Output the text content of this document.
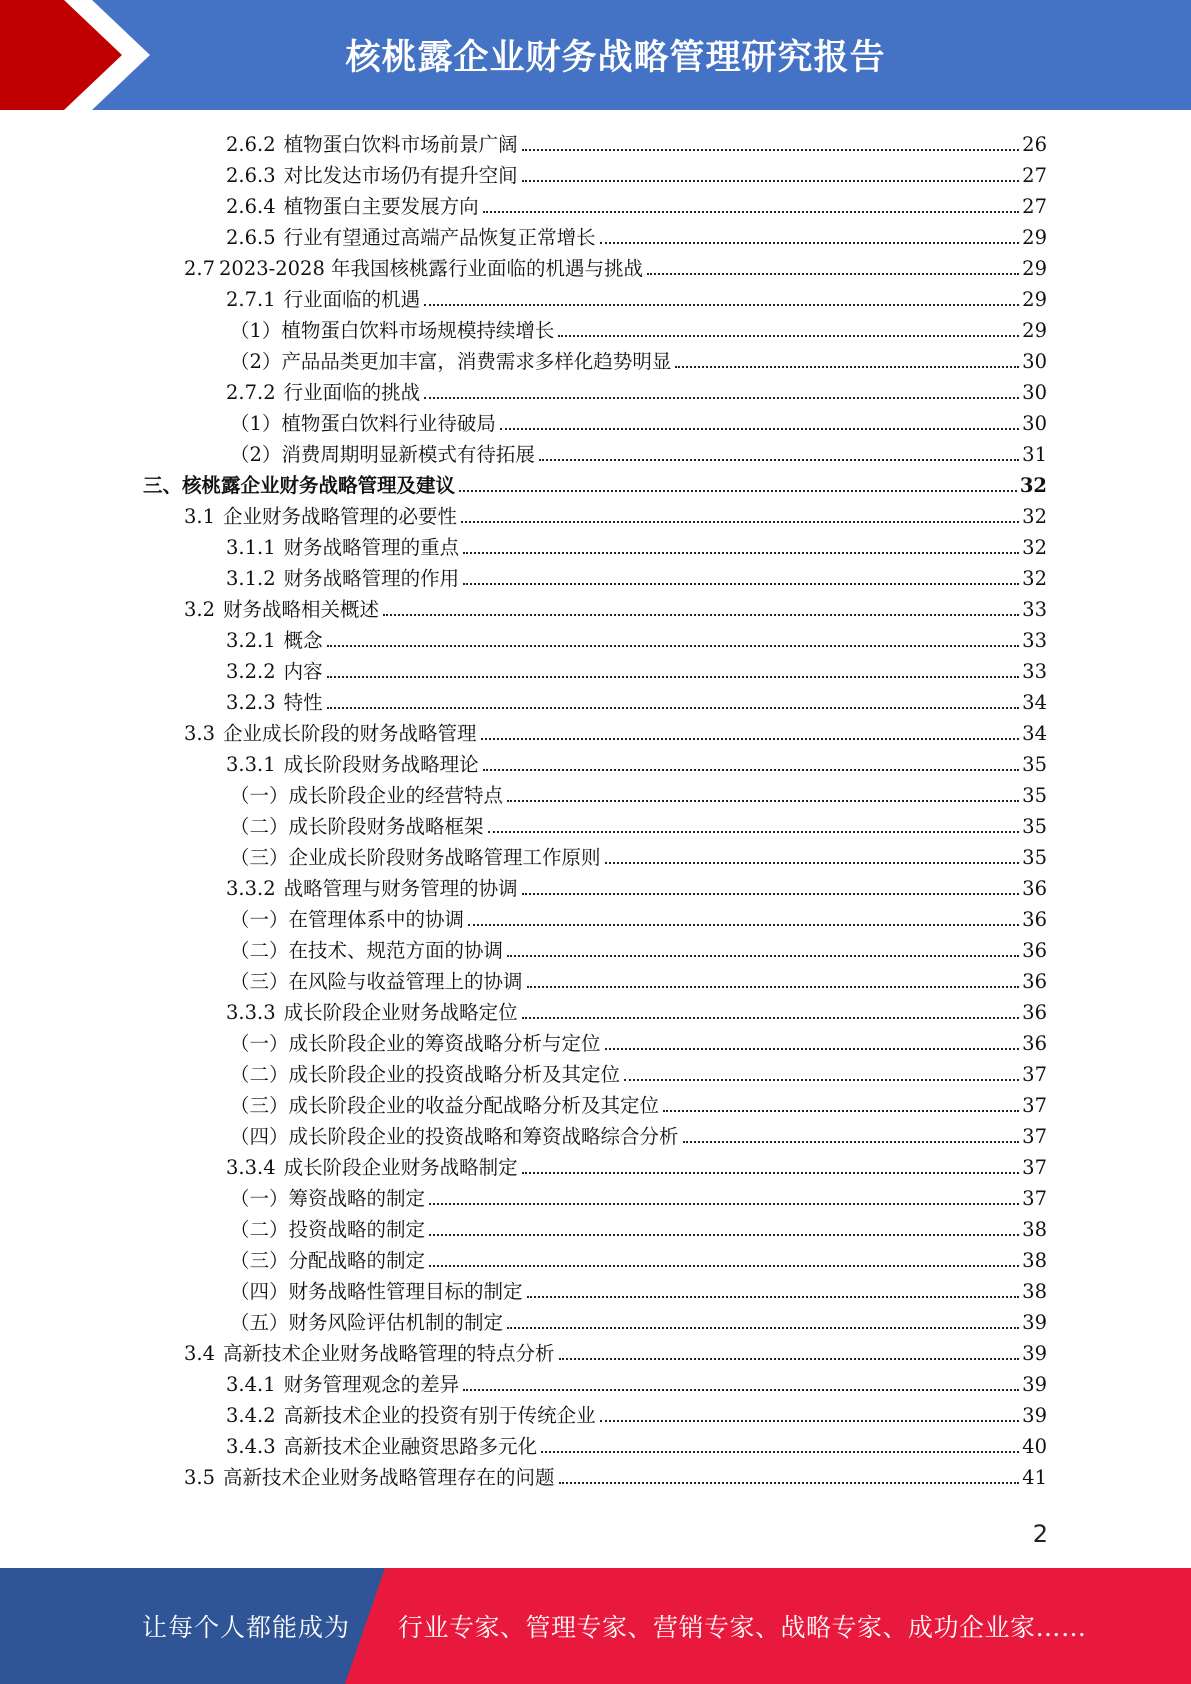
核桃露企业财务战略管理研究报告
2.6.2 植物蛋白饮料市场前景广阔	26
2.6.3 对比发达市场仍有提升空间	27
2.6.4 植物蛋白主要发展方向	27
2.6.5 行业有望通过高端产品恢复正常增长	29
2.7 2023-2028 年我国核桃露行业面临的机遇与挑战	29
2.7.1 行业面临的机遇	29
（1）植物蛋白饮料市场规模持续增长	29
（2）产品品类更加丰富，消费需求多样化趋势明显	30
2.7.2 行业面临的挑战	30
（1）植物蛋白饮料行业待破局	30
（2）消费周期明显新模式有待拓展	31
三、核桃露企业财务战略管理及建议	32
3.1 企业财务战略管理的必要性	32
3.1.1 财务战略管理的重点	32
3.1.2 财务战略管理的作用	32
3.2 财务战略相关概述	33
3.2.1 概念	33
3.2.2 内容	33
3.2.3 特性	34
3.3 企业成长阶段的财务战略管理	34
3.3.1 成长阶段财务战略理论	35
（一）成长阶段企业的经营特点	35
（二）成长阶段财务战略框架	35
（三）企业成长阶段财务战略管理工作原则	35
3.3.2 战略管理与财务管理的协调	36
（一）在管理体系中的协调	36
（二）在技术、规范方面的协调	36
（三）在风险与收益管理上的协调	36
3.3.3 成长阶段企业财务战略定位	36
（一）成长阶段企业的筹资战略分析与定位	36
（二）成长阶段企业的投资战略分析及其定位	37
（三）成长阶段企业的收益分配战略分析及其定位	37
（四）成长阶段企业的投资战略和筹资战略综合分析	37
3.3.4 成长阶段企业财务战略制定	37
（一）筹资战略的制定	37
（二）投资战略的制定	38
（三）分配战略的制定	38
（四）财务战略性管理目标的制定	38
（五）财务风险评估机制的制定	39
3.4 高新技术企业财务战略管理的特点分析	39
3.4.1 财务管理观念的差异	39
3.4.2 高新技术企业的投资有别于传统企业	39
3.4.3 高新技术企业融资思路多元化	40
3.5 高新技术企业财务战略管理存在的问题	41
2
让每个人都能成为 行业专家、管理专家、营销专家、战略专家、成功企业家……
